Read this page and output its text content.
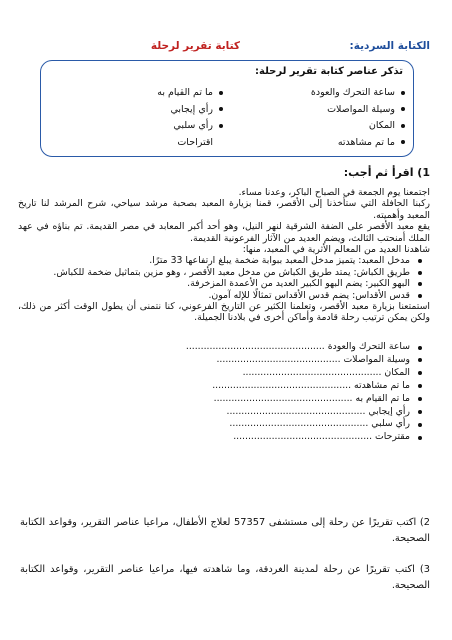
الكتابة السردية:
كتابة تقرير لرحلة
تذكر عناصر كتابة تقرير لرحلة:
ساعة التحرك والعودة
وسيلة المواصلات
المكان
ما تم مشاهدته
ما تم القيام به
رأي إيجابي
رأي سلبي
اقتراحات
1) اقرأ ثم أجب:

اجتمعنا يوم الجمعة في الصباح الباكر، وعدنا مساء.

ركبنا الحافلة التي ستأخذنا إلى الأقصر، قمنا بزيارة المعبد بصحبة مرشد سياحي، شرح المرشد لنا تاريخ المعبد وأهميته.

يقع معبد الأقصر على الضفة الشرقية لنهر النيل، وهو أحد أكبر المعابد في مصر القديمة. تم بناؤه في عهد الملك أمنحتب الثالث، ويضم العديد من الآثار الفرعونية القديمة.

شاهدنا العديد من المعالم الأثرية في المعبد، منها:

مدخل المعبد: يتميز مدخل المعبد ببوابة ضخمة يبلغ ارتفاعها 33 مترًا.
طريق الكباش: يمتد طريق الكباش من مدخل معبد الأقصر ، وهو مزين بتماثيل ضخمة للكباش.
البهو الكبير: يضم البهو الكبير العديد من الأعمدة المزخرفة.
قدس الأقداس: يضم قدس الأقداس تمثالًا للإله آمون.

استمتعنا بزيارة معبد الأقصر، وتعلمنا الكثير عن التاريخ الفرعوني، كنا نتمنى أن يطول الوقت أكثر من ذلك، ولكن يمكن ترتيب رحلة قادمة وأماكن أخرى في بلادنا الجميلة.

ساعة التحرك والعودة ...............................................
وسيلة المواصلات ..........................................
المكان ...............................................
ما تم مشاهدته ...............................................
ما تم القيام به ...............................................
رأي إيجابي ...............................................
رأي سلبي ...............................................
مقترحات ...............................................
2) اكتب تقريرًا عن رحلة إلى مستشفى 57357 لعلاج الأطفال، مراعيا عناصر التقرير، وقواعد الكتابة الصحيحة.
3) اكتب تقريرًا عن رحلة لمدينة الغردقة، وما شاهدته فيها، مراعيا عناصر التقرير، وقواعد الكتابة الصحيحة.
